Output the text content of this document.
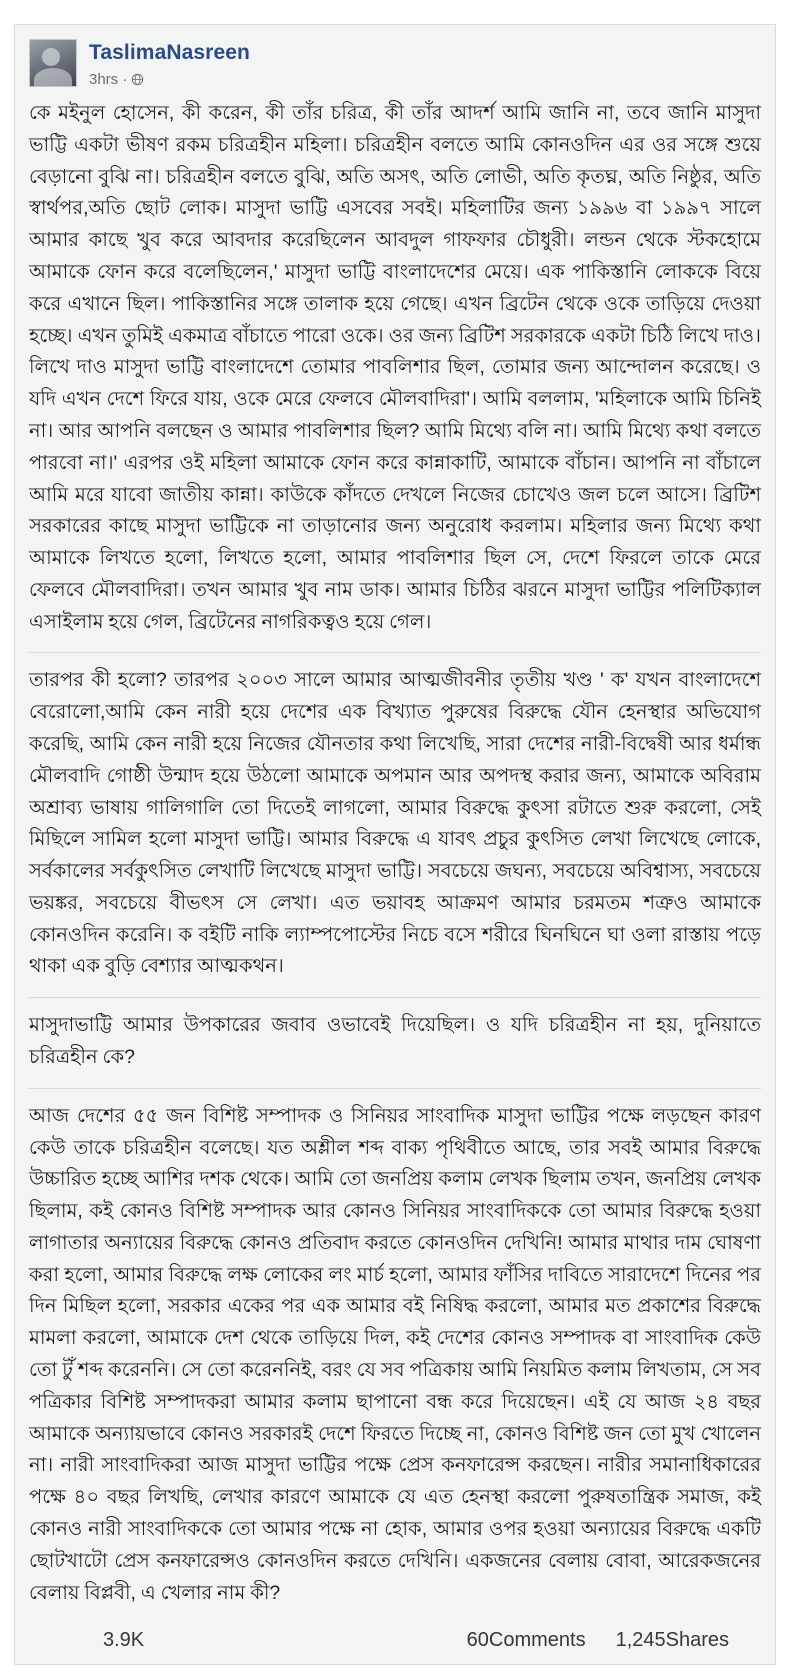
TaslimaNasreen
3hrs ·

কে মইনুল হোসেন, কী করেন, কী তাঁর চরিত্র, কী তাঁর আদর্শ আমি জানি না, তবে জানি মাসুদা ভাট্টি একটা ভীষণ রকম চরিত্রহীন মহিলা। চরিত্রহীন বলতে আমি কোনওদিন এর ওর সঙ্গে শুয়ে বেড়ানো বুঝি না। চরিত্রহীন বলতে বুঝি, অতি অসৎ, অতি লোভী, অতি কৃতঘ্ন, অতি নিষ্ঠুর, অতি স্বার্থপর,অতি ছোট লোক। মাসুদা ভাট্টি এসবের সবই। মহিলাটির জন্য ১৯৯৬ বা ১৯৯৭ সালে আমার কাছে খুব করে আবদার করেছিলেন আবদুল গাফফার চৌধুরী। লন্ডন থেকে স্টকহোমে আমাকে ফোন করে বলেছিলেন,' মাসুদা ভাট্টি বাংলাদেশের মেয়ে। এক পাকিস্তানি লোককে বিয়ে করে এখানে ছিল। পাকিস্তানির সঙ্গে তালাক হয়ে গেছে। এখন ব্রিটেন থেকে ওকে তাড়িয়ে দেওয়া হচ্ছে। এখন তুমিই একমাত্র বাঁচাতে পারো ওকে। ওর জন্য ব্রিটিশ সরকারকে একটা চিঠি লিখে দাও। লিখে দাও মাসুদা ভাট্টি বাংলাদেশে তোমার পাবলিশার ছিল, তোমার জন্য আন্দোলন করেছে। ও যদি এখন দেশে ফিরে যায়, ওকে মেরে ফেলবে মৌলবাদিরা'। আমি বললাম, 'মহিলাকে আমি চিনিই না। আর আপনি বলছেন ও আমার পাবলিশার ছিল? আমি মিথ্যে বলি না। আমি মিথ্যে কথা বলতে পারবো না।' এরপর ওই মহিলা আমাকে ফোন করে কান্নাকাটি, আমাকে বাঁচান। আপনি না বাঁচালে আমি মরে যাবো জাতীয় কান্না। কাউকে কাঁদতে দেখলে নিজের চোখেও জল চলে আসে। ব্রিটিশ সরকারের কাছে মাসুদা ভাট্টিকে না তাড়ানোর জন্য অনুরোধ করলাম। মহিলার জন্য মিথ্যে কথা আমাকে লিখতে হলো, লিখতে হলো, আমার পাবলিশার ছিল সে, দেশে ফিরলে তাকে মেরে ফেলবে মৌলবাদিরা। তখন আমার খুব নাম ডাক। আমার চিঠির ঝরনে মাসুদা ভাট্টির পলিটিক্যাল এসাইলাম হয়ে গেল, ব্রিটেনের নাগরিকত্বও হয়ে গেল।

তারপর কী হলো? তারপর ২০০৩ সালে আমার আত্মজীবনীর তৃতীয় খণ্ড ' ক' যখন বাংলাদেশে বেরোলো,আমি কেন নারী হয়ে দেশের এক বিখ্যাত পুরুষের বিরুদ্ধে যৌন হেনস্থার অভিযোগ করেছি, আমি কেন নারী হয়ে নিজের যৌনতার কথা লিখেছি, সারা দেশের নারী-বিদ্বেষী আর ধর্মান্ধ মৌলবাদি গোষ্ঠী উন্মাদ হয়ে উঠলো আমাকে অপমান আর অপদস্থ করার জন্য, আমাকে অবিরাম অশ্রাব্য ভাষায় গালিগালি তো দিতেই লাগলো, আমার বিরুদ্ধে কুৎসা রটাতে শুরু করলো, সেই মিছিলে সামিল হলো মাসুদা ভাট্টি। আমার বিরুদ্ধে এ যাবৎ প্রচুর কুৎসিত লেখা লিখেছে লোকে, সর্বকালের সর্বকুৎসিত লেখাটি লিখেছে মাসুদা ভাট্টি। সবচেয়ে জঘন্য, সবচেয়ে অবিশ্বাস্য, সবচেয়ে ভয়ঙ্কর, সবচেয়ে বীভৎস সে লেখা। এত ভয়াবহ আক্রমণ আমার চরমতম শত্রুও আমাকে কোনওদিন করেনি। ক বইটি নাকি ল্যাম্পপোস্টের নিচে বসে শরীরে ঘিনঘিনে ঘা ওলা রাস্তায় পড়ে থাকা এক বুড়ি বেশ্যার আত্মকথন।

মাসুদাভাট্টি আমার উপকারের জবাব ওভাবেই দিয়েছিল। ও যদি চরিত্রহীন না হয়, দুনিয়াতে চরিত্রহীন কে?

আজ দেশের ৫৫ জন বিশিষ্ট সম্পাদক ও সিনিয়র সাংবাদিক মাসুদা ভাট্টির পক্ষে লড়ছেন কারণ কেউ তাকে চরিত্রহীন বলেছে। যত অশ্লীল শব্দ বাক্য পৃথিবীতে আছে, তার সবই আমার বিরুদ্ধে উচ্চারিত হচ্ছে আশির দশক থেকে। আমি তো জনপ্রিয় কলাম লেখক ছিলাম তখন, জনপ্রিয় লেখক ছিলাম, কই কোনও বিশিষ্ট সম্পাদক আর কোনও সিনিয়র সাংবাদিককে তো আমার বিরুদ্ধে হওয়া লাগাতার অন্যায়ের বিরুদ্ধে কোনও প্রতিবাদ করতে কোনওদিন দেখিনি! আমার মাথার দাম ঘোষণা করা হলো, আমার বিরুদ্ধে লক্ষ লোকের লং মার্চ হলো, আমার ফাঁসির দাবিতে সারাদেশে দিনের পর দিন মিছিল হলো, সরকার একের পর এক আমার বই নিষিদ্ধ করলো, আমার মত প্রকাশের বিরুদ্ধে মামলা করলো, আমাকে দেশ থেকে তাড়িয়ে দিল, কই দেশের কোনও সম্পাদক বা সাংবাদিক কেউ তো টুঁ শব্দ করেননি। সে তো করেননিই, বরং যে সব পত্রিকায় আমি নিয়মিত কলাম লিখতাম, সে সব পত্রিকার বিশিষ্ট সম্পাদকরা আমার কলাম ছাপানো বন্ধ করে দিয়েছেন। এই যে আজ ২৪ বছর আমাকে অন্যায়ভাবে কোনও সরকারই দেশে ফিরতে দিচ্ছে না, কোনও বিশিষ্ট জন তো মুখ খোলেন না। নারী সাংবাদিকরা আজ মাসুদা ভাট্টির পক্ষে প্রেস কনফারেন্স করছেন। নারীর সমানাধিকারের পক্ষে ৪০ বছর লিখছি, লেখার কারণে আমাকে যে এত হেনস্থা করলো পুরুষতান্ত্রিক সমাজ, কই কোনও নারী সাংবাদিককে তো আমার পক্ষে না হোক, আমার ওপর হওয়া অন্যায়ের বিরুদ্ধে একটি ছোটখাটো প্রেস কনফারেন্সও কোনওদিন করতে দেখিনি। একজনের বেলায় বোবা, আরেকজনের বেলায় বিপ্লবী, এ খেলার নাম কী?

3.9K	60Comments 1,245Shares
